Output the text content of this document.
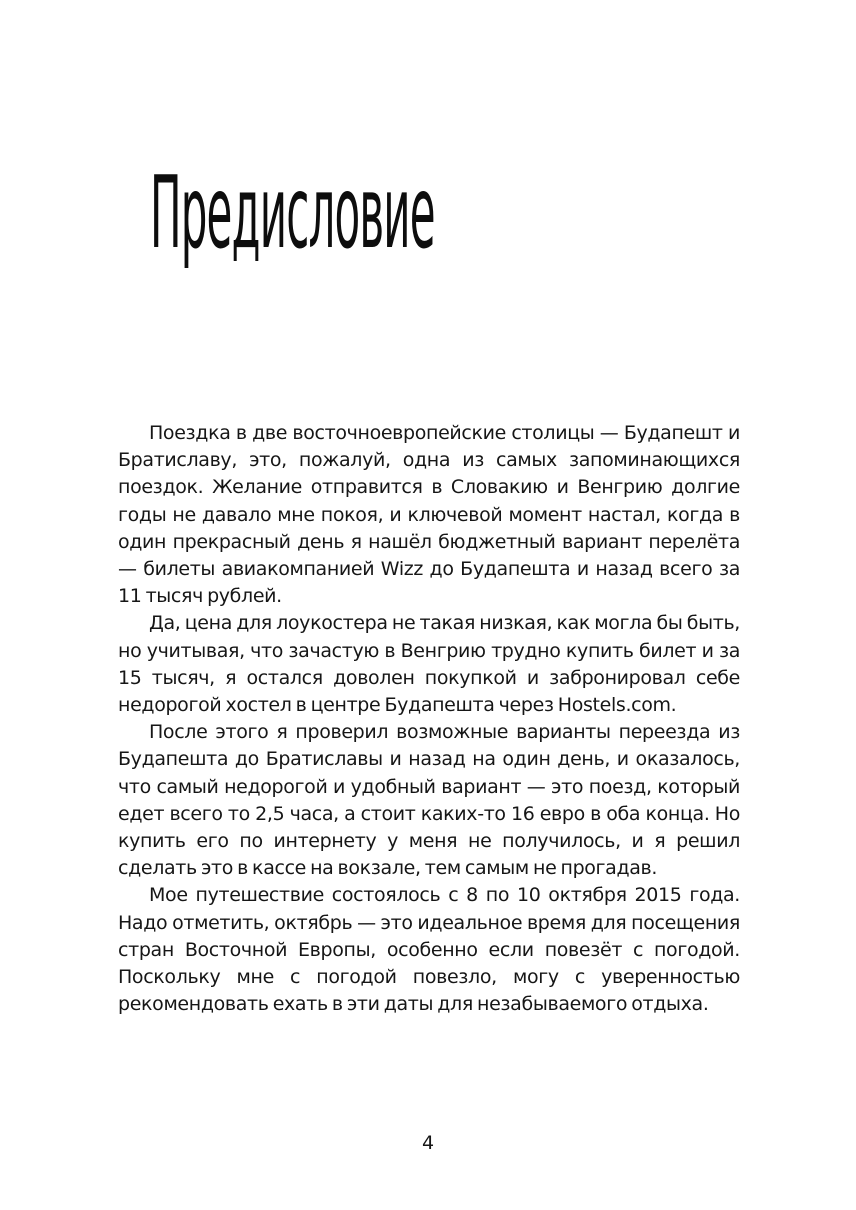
Предисловие

Поездка в две восточноевропейские столицы — Будапешт и Братиславу, это, пожалуй, одна из самых запоминающихся поездок. Желание отправится в Словакию и Венгрию долгие годы не давало мне покоя, и ключевой момент настал, когда в один прекрасный день я нашёл бюджетный вариант перелёта — билеты авиакомпанией Wizz до Будапешта и назад всего за 11 тысяч рублей.

Да, цена для лоукостера не такая низкая, как могла бы быть, но учитывая, что зачастую в Венгрию трудно купить билет и за 15 тысяч, я остался доволен покупкой и забронировал себе недорогой хостел в центре Будапешта через Hostels.com.

После этого я проверил возможные варианты переезда из Будапешта до Братиславы и назад на один день, и оказалось, что самый недорогой и удобный вариант — это поезд, который едет всего то 2,5 часа, а стоит каких-то 16 евро в оба конца. Но купить его по интернету у меня не получилось, и я решил сделать это в кассе на вокзале, тем самым не прогадав.

Мое путешествие состоялось с 8 по 10 октября 2015 года. Надо отметить, октябрь — это идеальное время для посещения стран Восточной Европы, особенно если повезёт с погодой. Поскольку мне с погодой повезло, могу с уверенностью рекомендовать ехать в эти даты для незабываемого отдыха.

4
